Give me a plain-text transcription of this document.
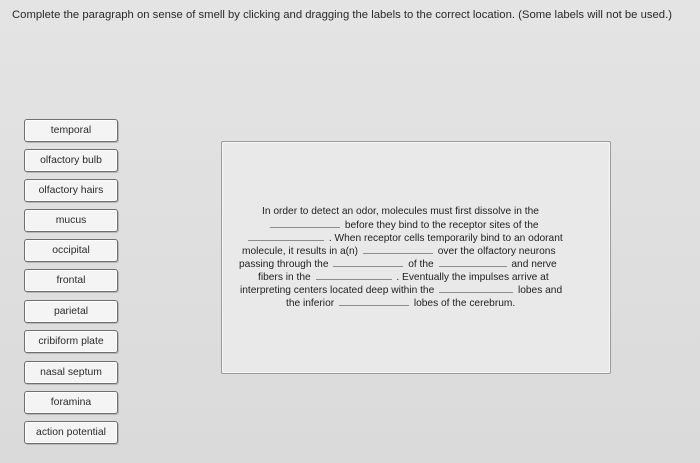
Complete the paragraph on sense of smell by clicking and dragging the labels to the correct location. (Some labels will not be used.)
temporal
olfactory bulb
olfactory hairs
mucus
occipital
frontal
parietal
cribiform plate
nasal septum
foramina
action potential
In order to detect an odor, molecules must first dissolve in the
before they bind to the receptor sites of the
. When receptor cells temporarily bind to an odorant
molecule, it results in a(n)	over the olfactory neurons
passing through the	of the	and nerve
fibers in the	. Eventually the impulses arrive at
interpreting centers located deep within the	lobes and
the inferior	lobes of the cerebrum.
